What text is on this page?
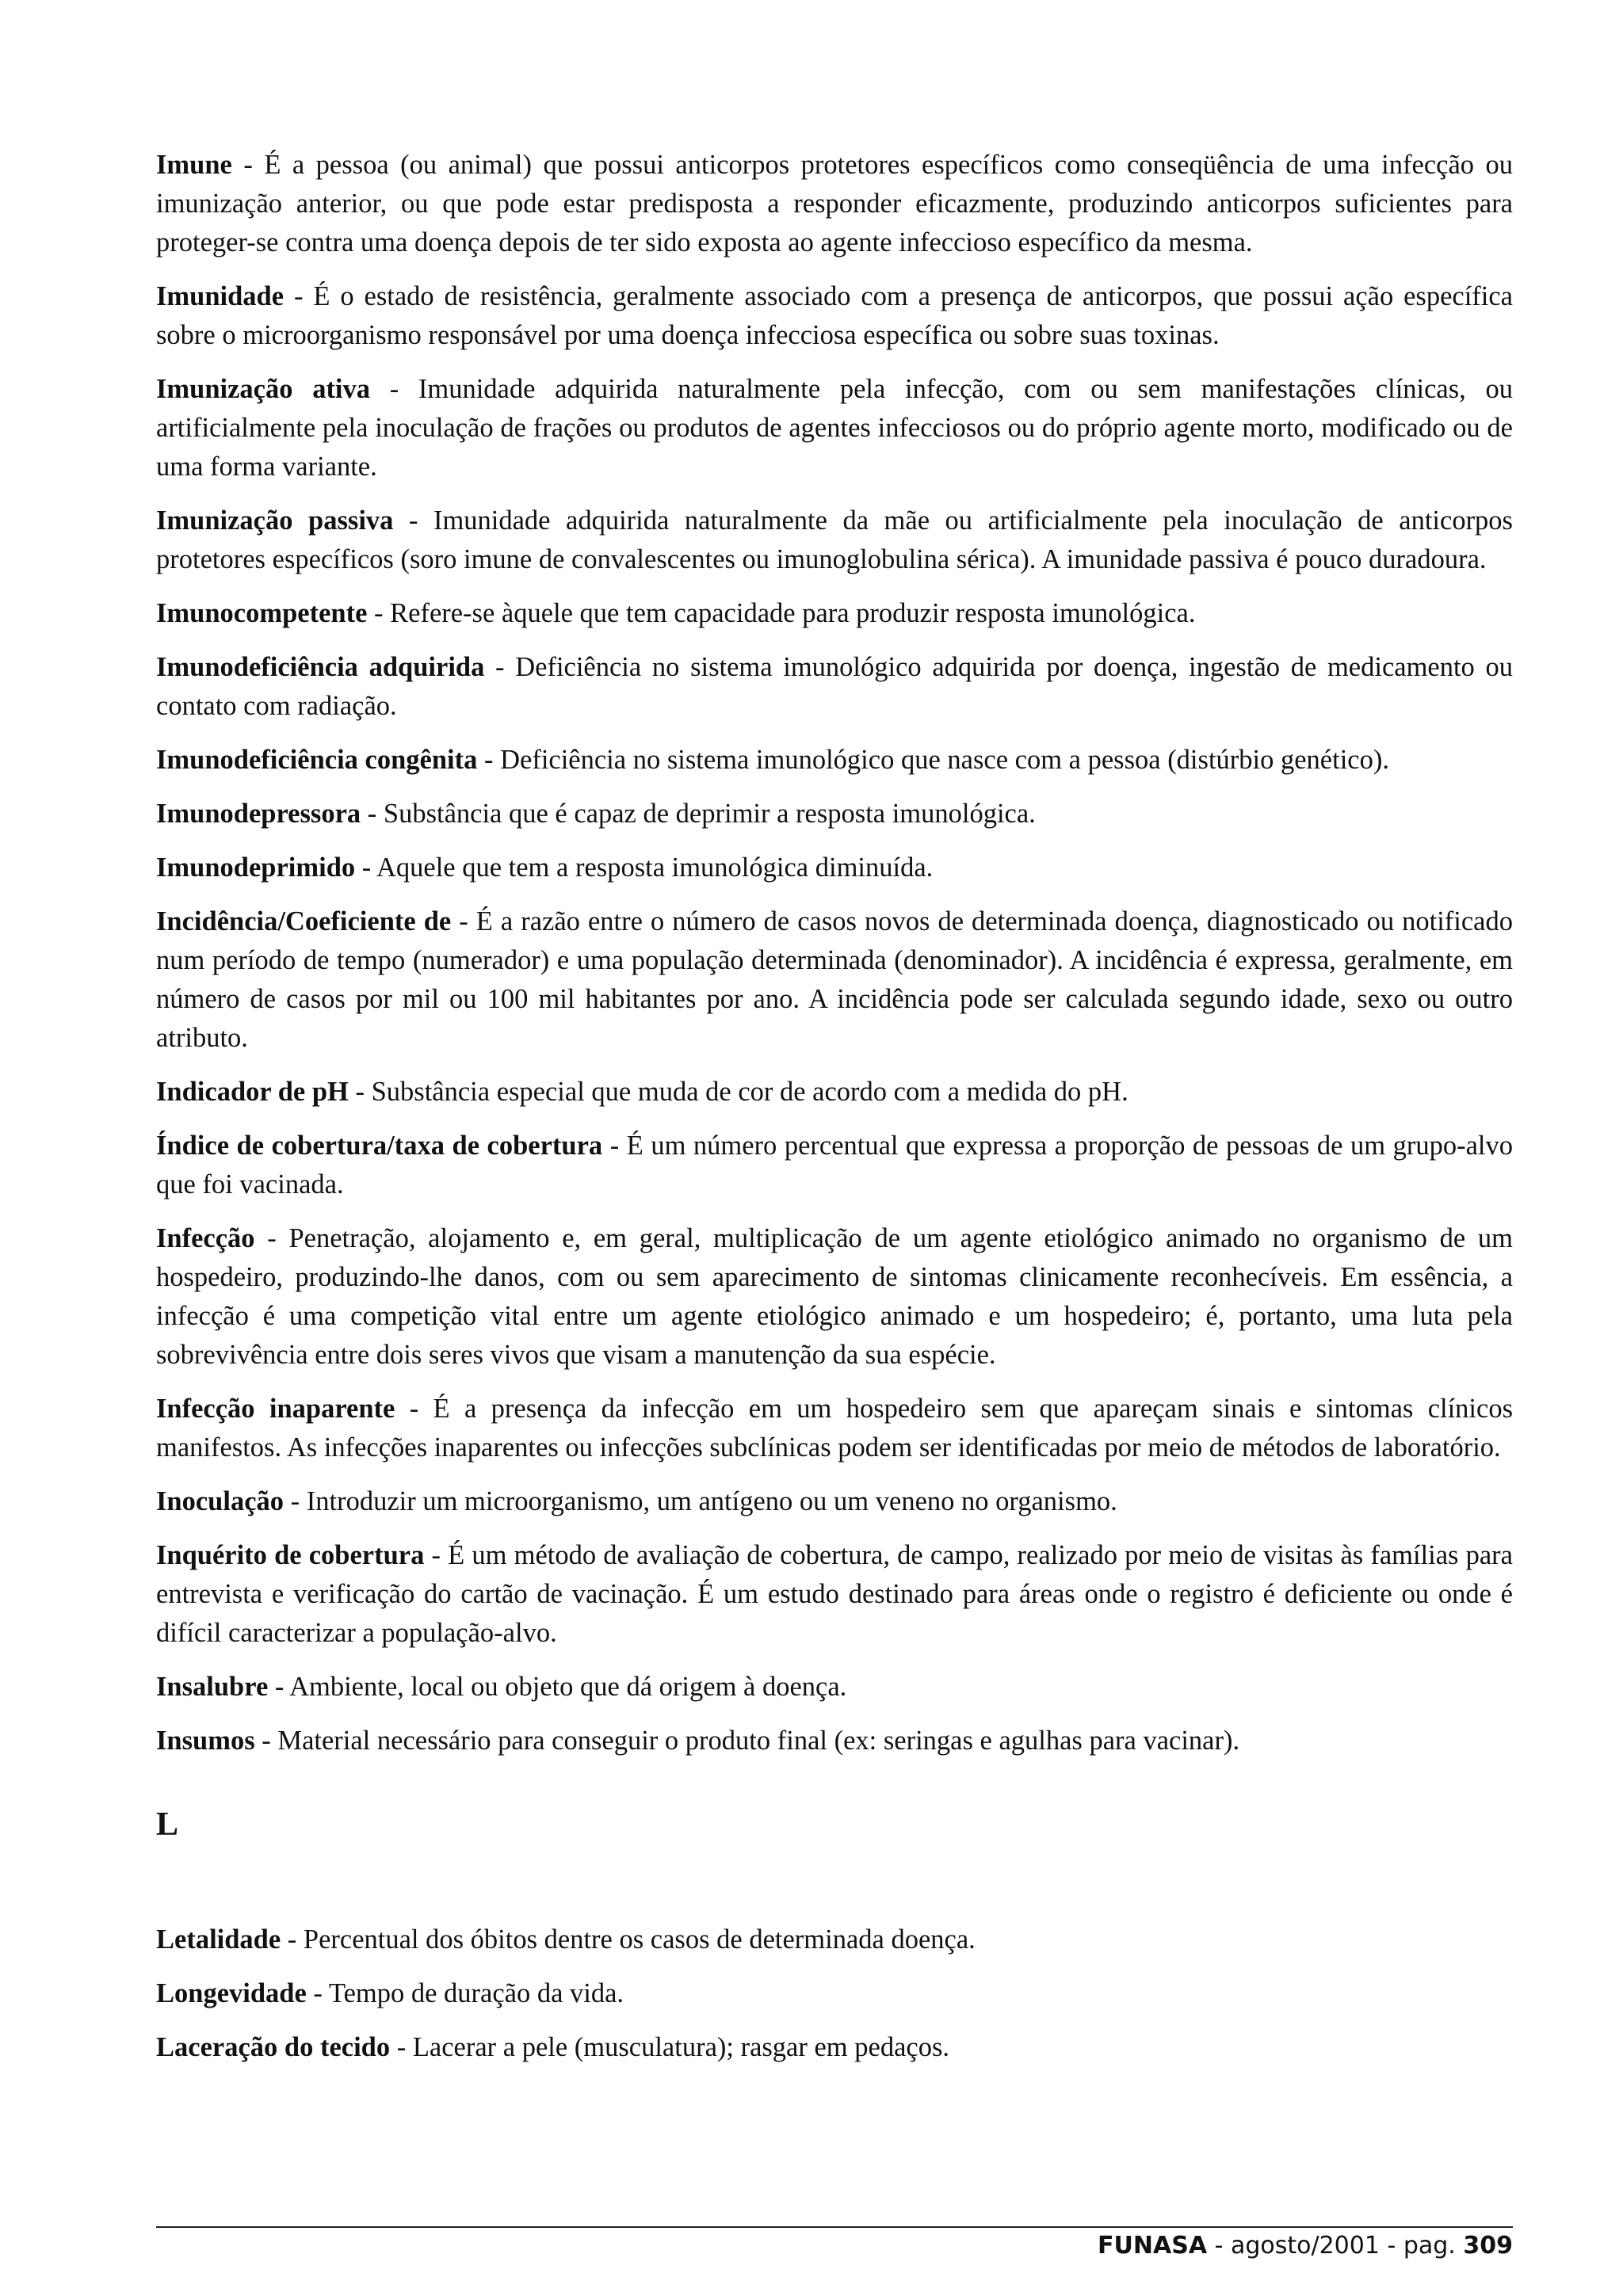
Imune - É a pessoa (ou animal) que possui anticorpos protetores específicos como conseqüência de uma infecção ou imunização anterior, ou que pode estar predisposta a responder eficazmente, produzindo anticorpos suficientes para proteger-se contra uma doença depois de ter sido exposta ao agente infeccioso específico da mesma.

Imunidade - É o estado de resistência, geralmente associado com a presença de anticorpos, que possui ação específica sobre o microorganismo responsável por uma doença infecciosa específica ou sobre suas toxinas.

Imunização ativa - Imunidade adquirida naturalmente pela infecção, com ou sem manifestações clínicas, ou artificialmente pela inoculação de frações ou produtos de agentes infecciosos ou do próprio agente morto, modificado ou de uma forma variante.

Imunização passiva - Imunidade adquirida naturalmente da mãe ou artificialmente pela inoculação de anticorpos protetores específicos (soro imune de convalescentes ou imunoglobulina sérica). A imunidade passiva é pouco duradoura.

Imunocompetente - Refere-se àquele que tem capacidade para produzir resposta imunológica.

Imunodeficiência adquirida - Deficiência no sistema imunológico adquirida por doença, ingestão de medicamento ou contato com radiação.

Imunodeficiência congênita - Deficiência no sistema imunológico que nasce com a pessoa (distúrbio genético).

Imunodepressora - Substância que é capaz de deprimir a resposta imunológica.

Imunodeprimido - Aquele que tem a resposta imunológica diminuída.

Incidência/Coeficiente de - É a razão entre o número de casos novos de determinada doença, diagnosticado ou notificado num período de tempo (numerador) e uma população determinada (denominador). A incidência é expressa, geralmente, em número de casos por mil ou 100 mil habitantes por ano. A incidência pode ser calculada segundo idade, sexo ou outro atributo.

Indicador de pH - Substância especial que muda de cor de acordo com a medida do pH.

Índice de cobertura/taxa de cobertura - É um número percentual que expressa a proporção de pessoas de um grupo-alvo que foi vacinada.

Infecção - Penetração, alojamento e, em geral, multiplicação de um agente etiológico animado no organismo de um hospedeiro, produzindo-lhe danos, com ou sem aparecimento de sintomas clinicamente reconhecíveis. Em essência, a infecção é uma competição vital entre um agente etiológico animado e um hospedeiro; é, portanto, uma luta pela sobrevivência entre dois seres vivos que visam a manutenção da sua espécie.

Infecção inaparente - É a presença da infecção em um hospedeiro sem que apareçam sinais e sintomas clínicos manifestos. As infecções inaparentes ou infecções subclínicas podem ser identificadas por meio de métodos de laboratório.

Inoculação - Introduzir um microorganismo, um antígeno ou um veneno no organismo.

Inquérito de cobertura - É um método de avaliação de cobertura, de campo, realizado por meio de visitas às famílias para entrevista e verificação do cartão de vacinação. É um estudo destinado para áreas onde o registro é deficiente ou onde é difícil caracterizar a população-alvo.

Insalubre - Ambiente, local ou objeto que dá origem à doença.

Insumos - Material necessário para conseguir o produto final (ex: seringas e agulhas para vacinar).

L

Letalidade - Percentual dos óbitos dentre os casos de determinada doença.

Longevidade - Tempo de duração da vida.

Laceração do tecido - Lacerar a pele (musculatura); rasgar em pedaços.

FUNASA - agosto/2001 - pag. 309
